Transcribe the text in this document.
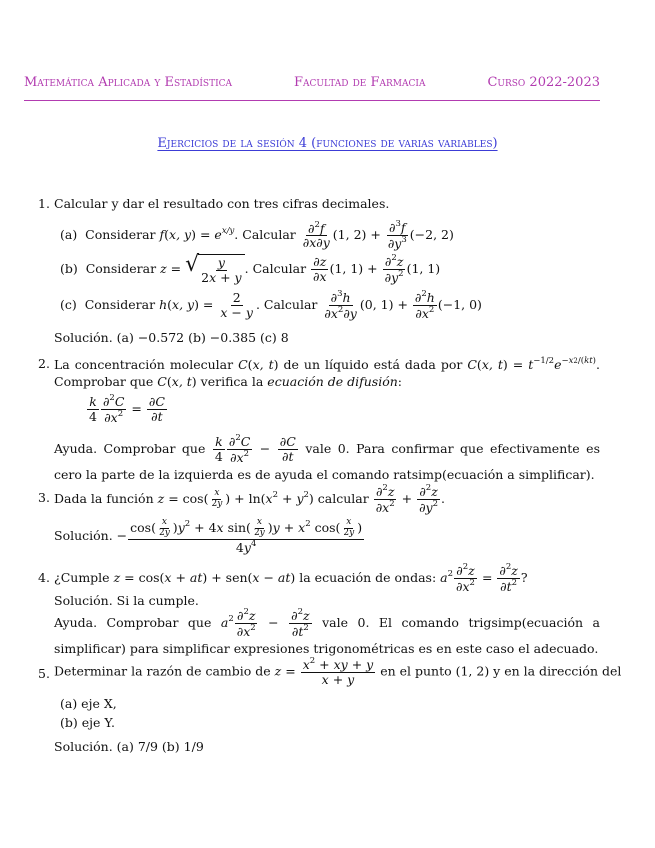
Matemática Aplicada y Estadística	Facultad de Farmacia	Curso 2022-2023
Ejercicios de la sesión 4 (funciones de varias variables)
1. Calcular y dar el resultado con tres cifras decimales.
(a) Considerar f(x, $y) = e^{x/y}$. Calcular $\frac{\partial^2f}{\partial x\partial y} (1$, $2) + \frac{\partial^3f}{\partial y^3} (-2$, 2)
(b) Considerar z = √ $\frac{y}{2x + y}$ . Calcular $\frac{\partial z}{\partial x} (1$, $1) + \frac{\partial^2z}{\partial y^2} (1$, 1)
(c) Considerar h(x, $y) = \frac{2}{x - y}$ . Calcular $\frac{\partial^3h}{\partial x^2\partial y} (0$, $1) + \frac{\partial^2h}{\partial x^2} (-1$, 0)
Solución. (a) −0.572 (b) −0.385 (c) 8
2. La concentración molecular C(x, t) de un líquido está dada por C(x, $t) = t^{-1/2}e^{-x2/(kt)}$. Comprobar que C(x, t) verifica la ecuación de difusión:
$\frac{k}{4} \frac{\partial^2C}{\partial x^2} = \frac{\partial C}{\partial t}$
Ayuda. Comprobar que $\frac{k}{4} \frac{\partial^2C}{\partial x^2} - \frac{\partial C}{\partial t}$ vale 0. Para confirmar que efectivamente es cero la parte de la izquierda es de ayuda el comando ratsimp(ecuación a simplificar).
3. Dada la función $z = \cos( \frac{x}{2y}$ ) + $\ln(x^2 + y^2)$ calcular $\frac{\partial^2z}{\partial x^2} + \frac{\partial^2z}{\partial y^2}$ .
Solución. − $\frac{\cos( \frac{x}{2y} )y^2 + 4x \sin( \frac{x}{2y} )y + x^2 \cos( \frac{x}{2y} )}{4y^4}$
4. ¿Cumple z = cos(x + at) + sen(x − at) la ecuación de ondas: $a^2 \frac{\partial^2z}{\partial x^2} = \frac{\partial^2z}{\partial t^2}$ ?
Solución. Si la cumple.
Ayuda. Comprobar que $a^2 \frac{\partial^2z}{\partial x^2} - \frac{\partial^2z}{\partial t^2}$ vale 0. El comando trigsimp(ecuación a simplificar) para simplificar expresiones trigonométricas es en este caso el adecuado.
5. Determinar la razón de cambio de $z = \frac{x^2 + xy + y}{x + y}$ en el punto (1, 2) y en la dirección del
(a) eje X,
(b) eje Y.
Solución. (a) 7/9 (b) 1/9
